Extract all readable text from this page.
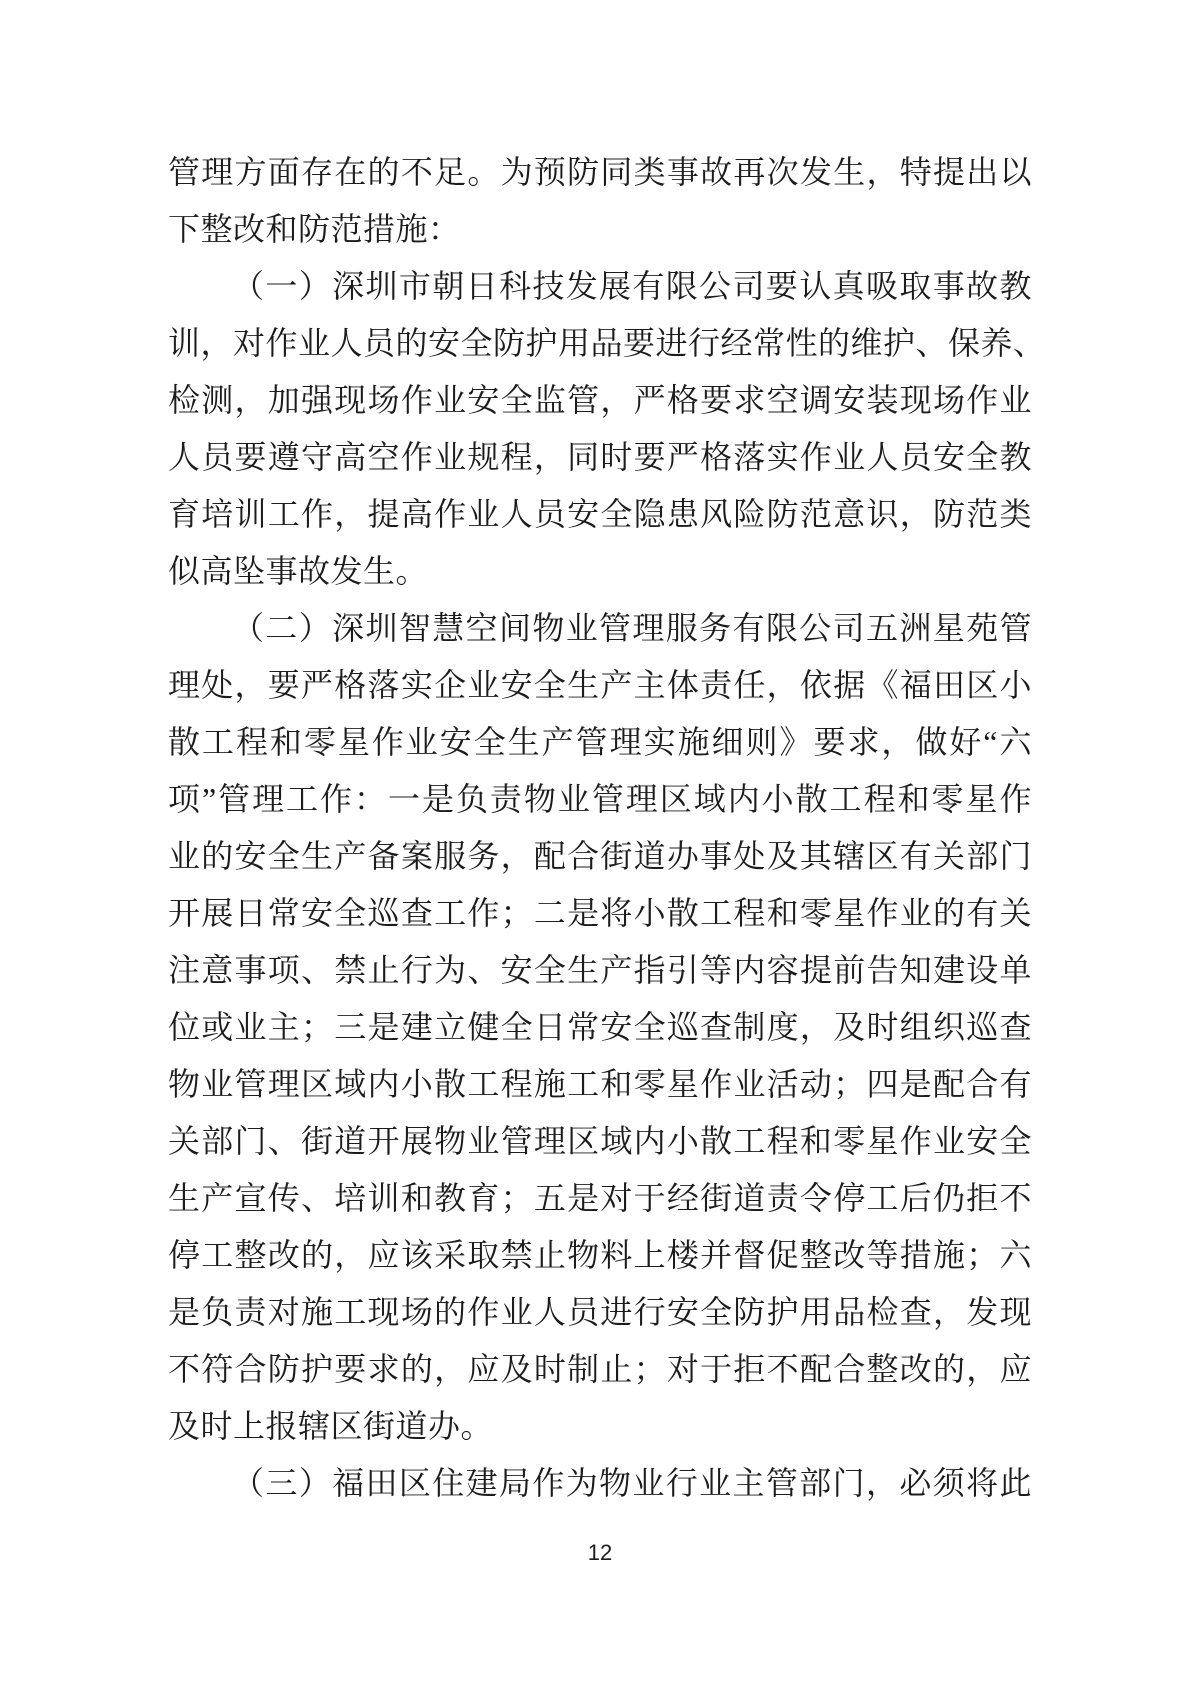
管理方面存在的不足。为预防同类事故再次发生，特提出以
下整改和防范措施：
（一）深圳市朝日科技发展有限公司要认真吸取事故教
训，对作业人员的安全防护用品要进行经常性的维护、保养、
检测，加强现场作业安全监管，严格要求空调安装现场作业
人员要遵守高空作业规程，同时要严格落实作业人员安全教
育培训工作，提高作业人员安全隐患风险防范意识，防范类
似高坠事故发生。
（二）深圳智慧空间物业管理服务有限公司五洲星苑管
理处，要严格落实企业安全生产主体责任，依据《福田区小
散工程和零星作业安全生产管理实施细则》要求，做好“六
项”管理工作：一是负责物业管理区域内小散工程和零星作
业的安全生产备案服务，配合街道办事处及其辖区有关部门
开展日常安全巡查工作；二是将小散工程和零星作业的有关
注意事项、禁止行为、安全生产指引等内容提前告知建设单
位或业主；三是建立健全日常安全巡查制度，及时组织巡查
物业管理区域内小散工程施工和零星作业活动；四是配合有
关部门、街道开展物业管理区域内小散工程和零星作业安全
生产宣传、培训和教育；五是对于经街道责令停工后仍拒不
停工整改的，应该采取禁止物料上楼并督促整改等措施；六
是负责对施工现场的作业人员进行安全防护用品检查，发现
不符合防护要求的，应及时制止；对于拒不配合整改的，应
及时上报辖区街道办。
（三）福田区住建局作为物业行业主管部门，必须将此
12
